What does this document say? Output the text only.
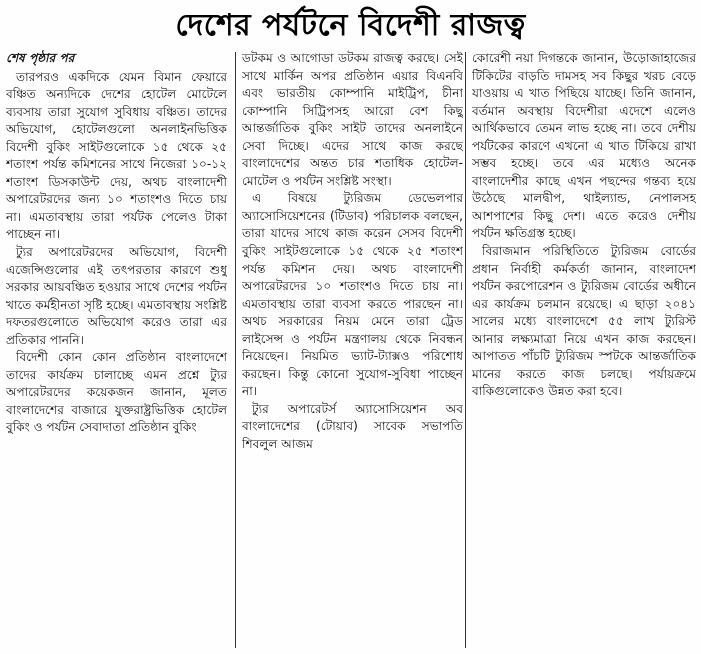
দেশের পর্যটনে বিদেশী রাজত্ব
শেষ পৃষ্ঠার পর

তারপরও একদিকে যেমন বিমান ফেয়ারে বঞ্চিত অন্যদিকে দেশের হোটেল মোটেলে ব্যবসায় তারা সুযোগ সুবিধায় বঞ্চিত। তাদের অভিযোগ, হোটেলগুলো অনলাইনভিত্তিক বিদেশী বুকিং সাইটগুলোকে ১৫ থেকে ২৫ শতাংশ পর্যন্ত কমিশনের সাথে নিজেরা ১০-১২ শতাংশ ডিসকাউন্ট দেয়, অথচ বাংলাদেশী অপারেটরদের জন্য ১০ শতাংশও দিতে চায় না। এমতাবস্থায় তারা পর্যটক পেলেও টাকা পাচ্ছেন না।

ট্যুর অপারেটরদের অভিযোগ, বিদেশী এজেন্সিগুলোর এই তৎপরতার কারণে শুধু সরকার আয়বঞ্চিত হওয়ার সাথে দেশের পর্যটন খাতে কর্মহীনতা সৃষ্টি হচ্ছে। এমতাবস্থায় সংশ্লিষ্ট দফতরগুলোতে অভিযোগ করেও তারা এর প্রতিকার পাননি।

বিদেশী কোন কোন প্রতিষ্ঠান বাংলাদেশে তাদের কার্যক্রম চালাচ্ছে এমন প্রশ্নে ট্যুর অপারেটরদের কয়েকজন জানান, মূলত বাংলাদেশের বাজারে যুক্তরাষ্ট্রভিত্তিক হোটেল বুকিং ও পর্যটন সেবাদাতা প্রতিষ্ঠান বুকিং

ডটকম ও আগোডা ডটকম রাজত্ব করছে। সেই সাথে মার্কিন অপর প্রতিষ্ঠান এয়ার বিএনবি এবং ভারতীয় কোম্পানি মাইট্রিপ, চীনা কোম্পানি সিট্রিপসহ আরো বেশ কিছু আন্তর্জাতিক বুকিং সাইট তাদের অনলাইনে সেবা দিচ্ছে। এদের সাথে কাজ করছে বাংলাদেশের অন্তত চার শতাধিক হোটেল- মোটেল ও পর্যটন সংশ্লিষ্ট সংস্থা।

এ বিষয়ে ট্যুরিজম ডেভেলপার অ্যাসোসিয়েশনের (টিডাব) পরিচালক বলছেন, তারা যাদের সাথে কাজ করেন সেসব বিদেশী বুকিং সাইটগুলোকে ১৫ থেকে ২৫ শতাংশ পর্যন্ত কমিশন দেয়। অথচ বাংলাদেশী অপারেটরদের ১০ শতাংশও দিতে চায় না। এমতাবস্থায় তারা ব্যবসা করতে পারছেন না। অথচ সরকারের নিয়ম মেনে তারা ট্রেড লাইসেন্স ও পর্যটন মন্ত্রণালয় থেকে নিবন্ধন নিয়েছেন। নিয়মিত ভ্যাট-ট্যাক্সও পরিশোধ করছেন। কিন্তু কোনো সুযোগ-সুবিধা পাচ্ছেন না।

ট্যুর অপারেটর্স অ্যাসোসিয়েশন অব বাংলাদেশের (টোয়াব) সাবেক সভাপতি শিবলুল আজম

কোরেশী নয়া দিগন্তকে জানান, উড়োজাহাজের টিকিটের বাড়তি দামসহ সব কিছুর খরচ বেড়ে যাওয়ায় এ খাত পিছিয়ে যাচ্ছে। তিনি জানান, বর্তমান অবস্থায় বিদেশীরা এদেশে এলেও আর্থিকভাবে তেমন লাভ হচ্ছে না। তবে দেশীয় পর্যটকের কারণে এখনো এ খাত টিকিয়ে রাখা সম্ভব হচ্ছে। তবে এর মধ্যেও অনেক বাংলাদেশীর কাছে এখন পছন্দের গন্তব্য হয়ে উঠেছে মালদ্বীপ, থাইল্যান্ড, নেপালসহ আশপাশের কিছু দেশ। এতে করেও দেশীয় পর্যটন ক্ষতিগ্রস্ত হচ্ছে।

বিরাজমান পরিস্থিতিতে ট্যুরিজম বোর্ডের প্রধান নির্বাহী কর্মকর্তা জানান, বাংলাদেশ পর্যটন করপোরেশন ও ট্যুরিজম বোর্ডের অধীনে এর কার্যক্রম চলমান রয়েছে। এ ছাড়া ২০৪১ সালের মধ্যে বাংলাদেশে ৫৫ লাখ ট্যুরিস্ট আনার লক্ষ্যমাত্রা নিয়ে এখন কাজ করছেন। আপাতত পাঁচটি ট্যুরিজম স্পটকে আন্তর্জাতিক মানের করতে কাজ চলছে। পর্যায়ক্রমে বাকিগুলোকেও উন্নত করা হবে।
